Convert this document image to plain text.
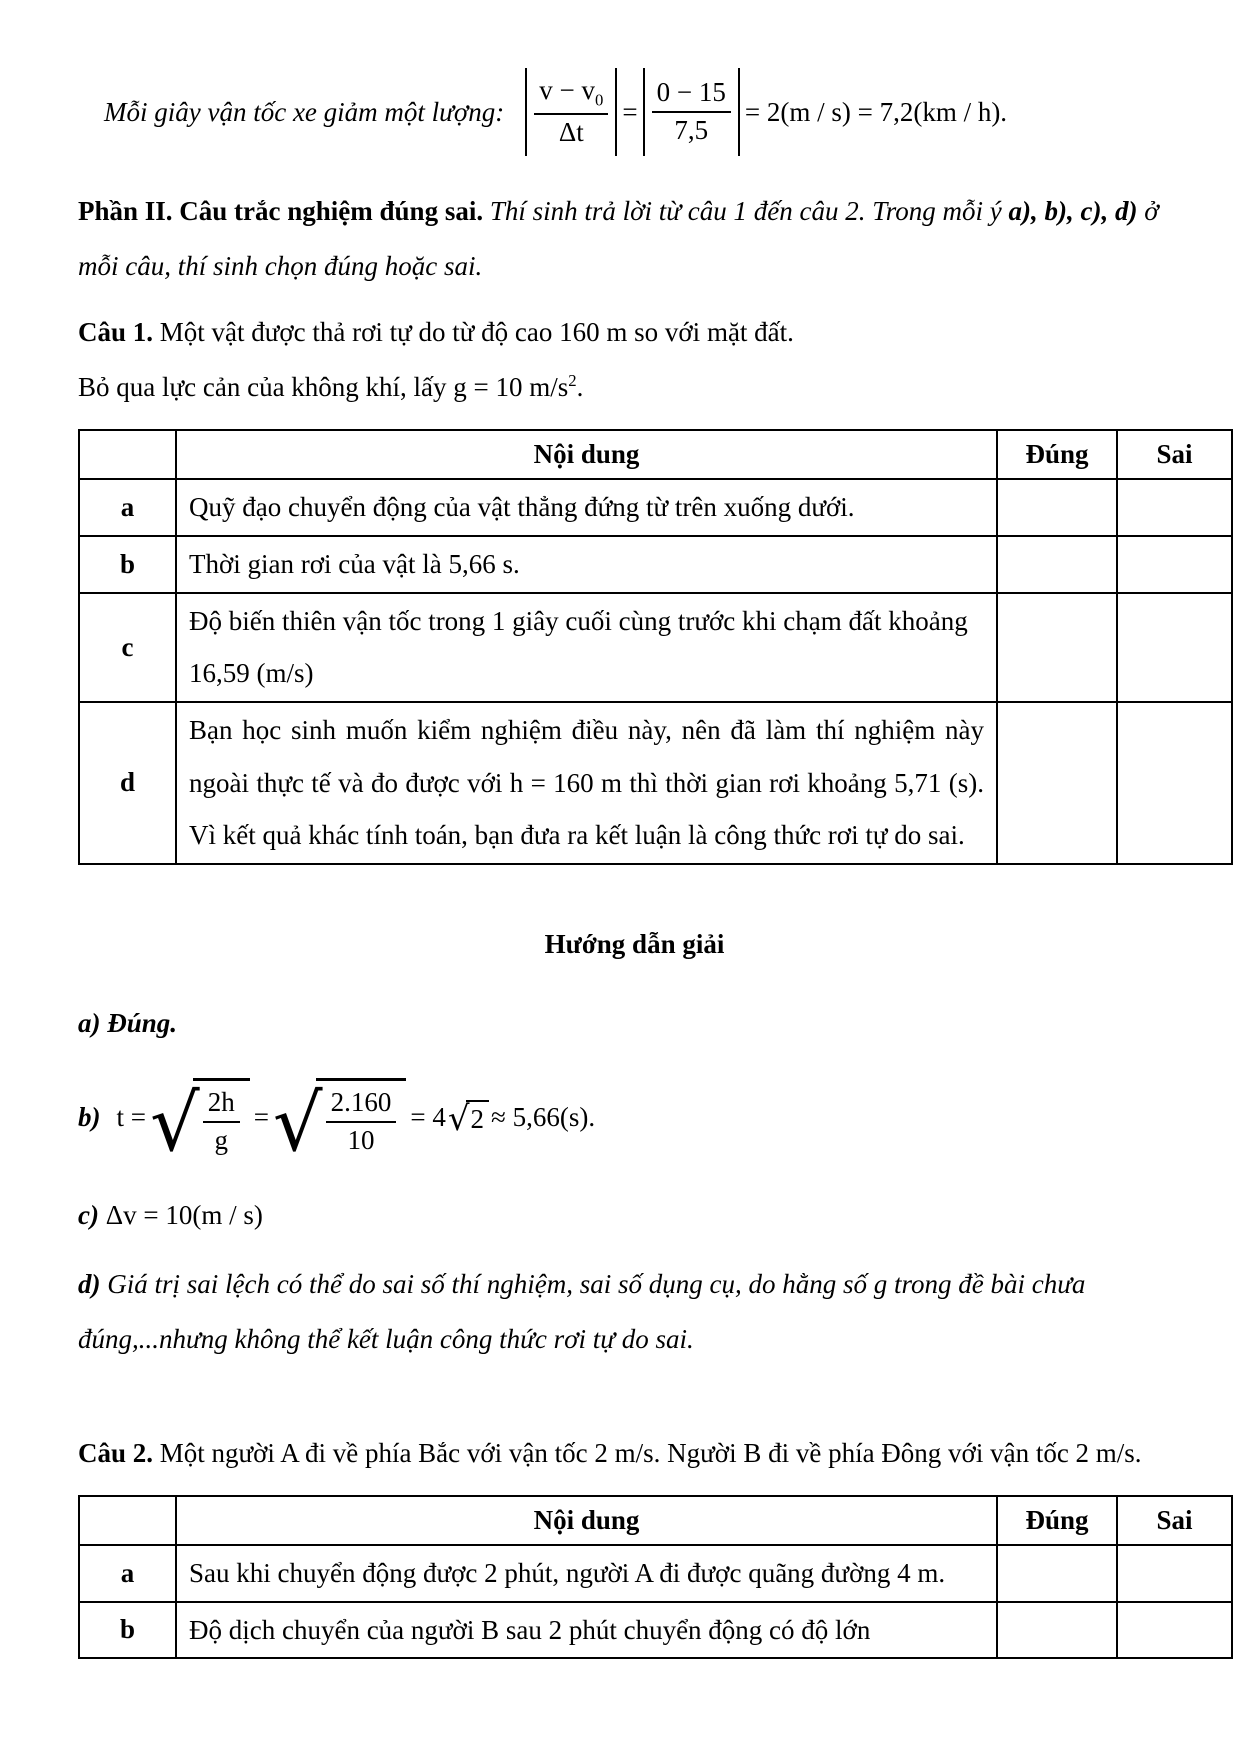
Mỗi giây vận tốc xe giảm một lượng: $\frac{v - v_0}{\Delta t} = \frac{0 - 15}{7,5} = 2(m / s) = 7,2(km / h)$.

Phần II. Câu trắc nghiệm đúng sai. Thí sinh trả lời từ câu 1 đến câu 2. Trong mỗi ý a), b), c), d) ở mỗi câu, thí sinh chọn đúng hoặc sai.

Câu 1. Một vật được thả rơi tự do từ độ cao 160 m so với mặt đất.
Bỏ qua lực cản của không khí, lấy g = 10 $m/s^2$.

	Nội dung	Đúng	Sai
a	Quỹ đạo chuyển động của vật thẳng đứng từ trên xuống dưới.		
b	Thời gian rơi của vật là 5,66 s.		
c	Độ biến thiên vận tốc trong 1 giây cuối cùng trước khi chạm đất khoảng 16,59 (m/s)		
d	Bạn học sinh muốn kiểm nghiệm điều này, nên đã làm thí nghiệm này ngoài thực tế và đo được với h = 160 m thì thời gian rơi khoảng 5,71 (s). Vì kết quả khác tính toán, bạn đưa ra kết luận là công thức rơi tự do sai.		

Hướng dẫn giải

a) Đúng.

b) t = √ $\frac{2h}{g}$ = √ $\frac{2.160}{10} = 4$ √ 2 ≈ 5,66(s).

c) Δv = 10(m / s)

d) Giá trị sai lệch có thể do sai số thí nghiệm, sai số dụng cụ, do hằng số g trong đề bài chưa đúng,...nhưng không thể kết luận công thức rơi tự do sai.

Câu 2. Một người A đi về phía Bắc với vận tốc 2 m/s. Người B đi về phía Đông với vận tốc 2 m/s.

	Nội dung	Đúng	Sai
a	Sau khi chuyển động được 2 phút, người A đi được quãng đường 4 m.		
b	Độ dịch chuyển của người B sau 2 phút chuyển động có độ lớn		
